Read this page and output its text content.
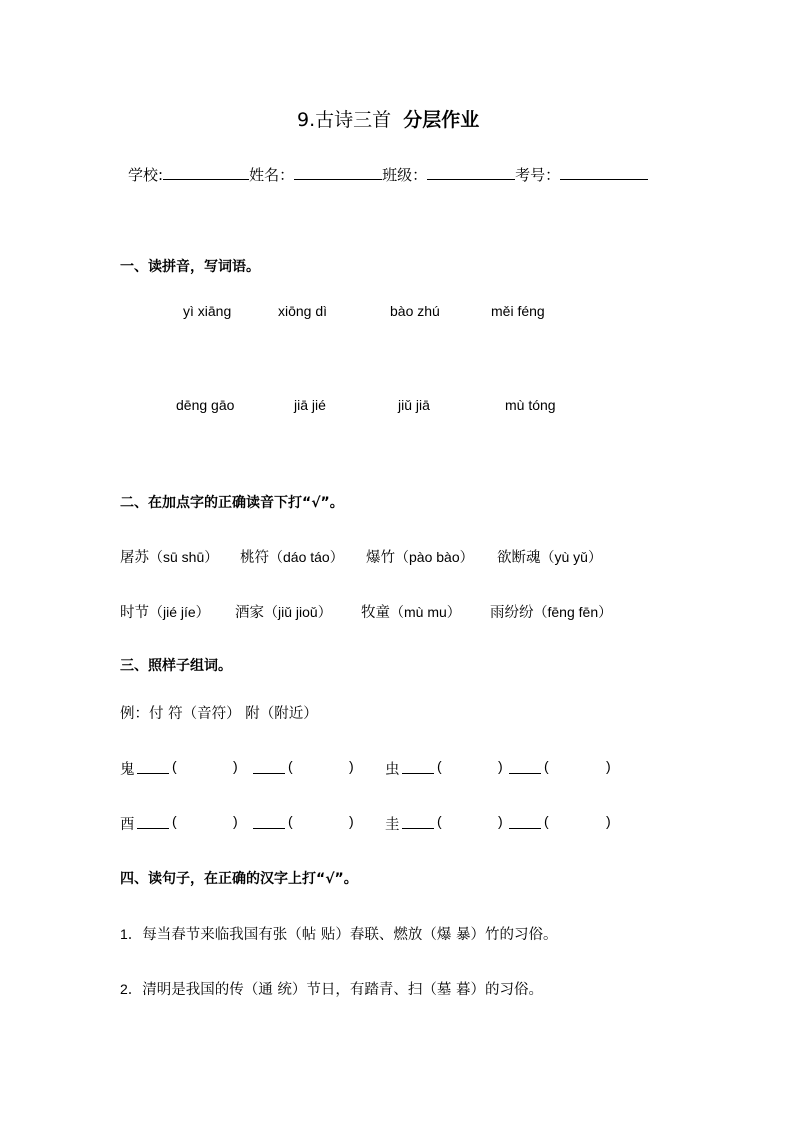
9.古诗三首 分层作业
学校:	姓名：	班级：	考号：
一、读拼音，写词语。
yì xiāng	xiōng dì	bào zhú	měi féng
dēng gāo	jiā jié	jiǔ jiā	mù tóng
二、在加点字的正确读音下打“√”。
屠苏（sū shū） 桃符（dáo táo） 爆竹（pào bào） 欲断魂（yù yǔ）
时节（jié jíe） 酒家（jiǔ jioǔ） 牧童（mù mu） 雨纷纷（fēng fēn）
三、照样子组词。
例：付 符（音符） 附（附近）
鬼	(	)	(	) 虫	(	)	(	)
酉	(	)	(	) 圭	(	)	(	)
四、读句子，在正确的汉字上打“√”。
1．每当春节来临我国有张（帖 贴）春联、燃放（爆 暴）竹的习俗。
2．清明是我国的传（通 统）节日，有踏青、扫（墓 暮）的习俗。
